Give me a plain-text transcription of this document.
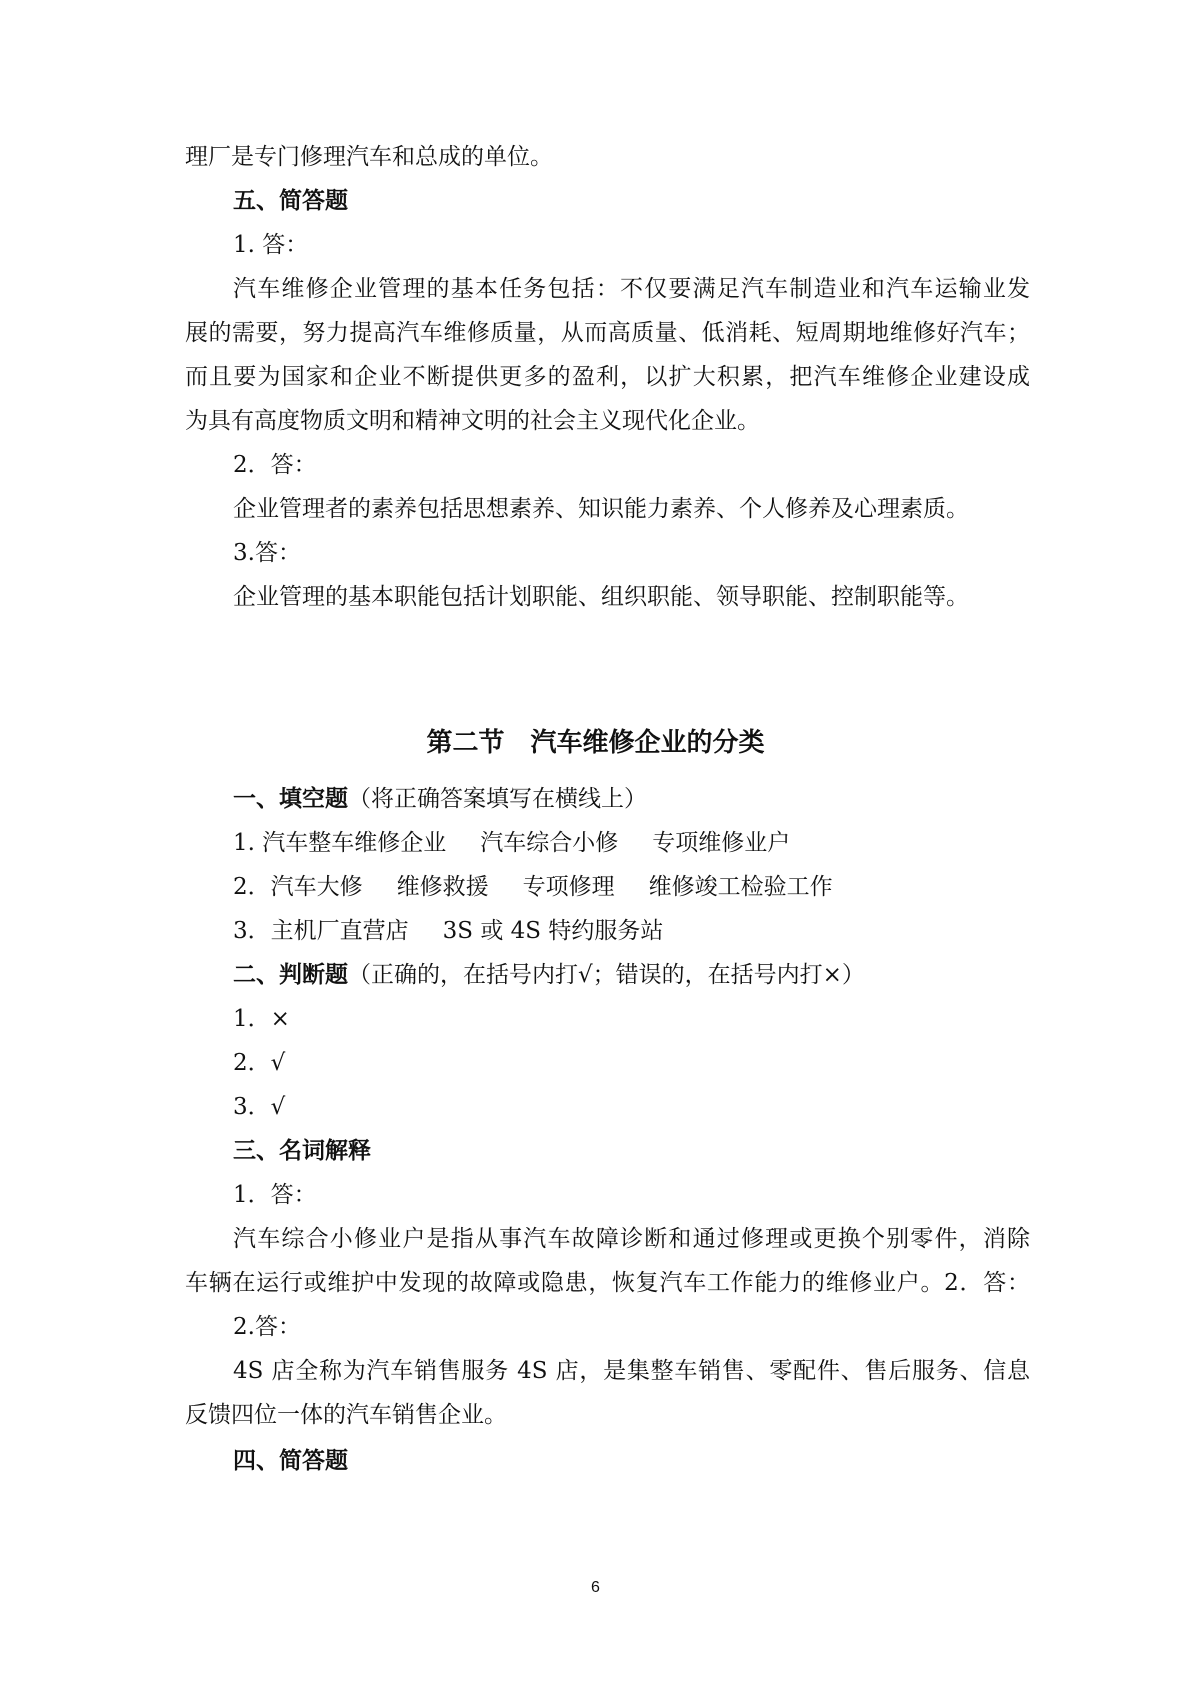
理厂是专门修理汽车和总成的单位。
五、简答题
1. 答：
汽车维修企业管理的基本任务包括：不仅要满足汽车制造业和汽车运输业发
展的需要，努力提高汽车维修质量，从而高质量、低消耗、短周期地维修好汽车；
而且要为国家和企业不断提供更多的盈利，以扩大积累，把汽车维修企业建设成
为具有高度物质文明和精神文明的社会主义现代化企业。
2．答：
企业管理者的素养包括思想素养、知识能力素养、个人修养及心理素质。
3.答：
企业管理的基本职能包括计划职能、组织职能、领导职能、控制职能等。
第二节　汽车维修企业的分类
一、填空题（将正确答案填写在横线上）
1. 汽车整车维修企业 汽车综合小修 专项维修业户
2．汽车大修 维修救援 专项修理 维修竣工检验工作
3．主机厂直营店 3S 或 4S 特约服务站
二、判断题（正确的，在括号内打√；错误的，在括号内打×）
1．×
2．√
3．√
三、名词解释
1．答：
汽车综合小修业户是指从事汽车故障诊断和通过修理或更换个别零件，消除
车辆在运行或维护中发现的故障或隐患，恢复汽车工作能力的维修业户。2．答：
2.答：
4S 店全称为汽车销售服务 4S 店，是集整车销售、零配件、售后服务、信息
反馈四位一体的汽车销售企业。
四、简答题
6
